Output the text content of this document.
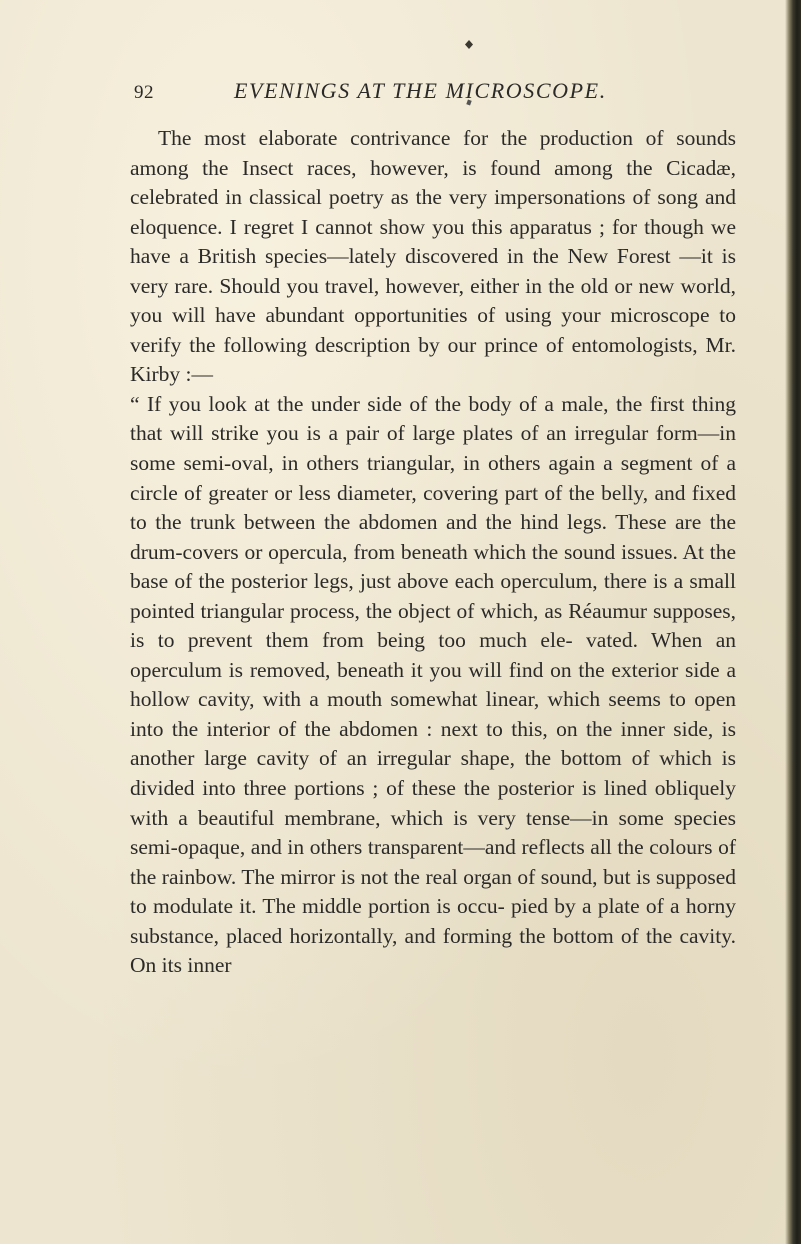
92	EVENINGS AT THE MICROSCOPE.

The most elaborate contrivance for the production of sounds among the Insect races, however, is found among the Cicadæ, celebrated in classical poetry as the very impersonations of song and eloquence. I regret I cannot show you this apparatus ; for though we have a British species—lately discovered in the New Forest —it is very rare. Should you travel, however, either in the old or new world, you will have abundant opportunities of using your microscope to verify the following description by our prince of entomologists, Mr. Kirby :—

“ If you look at the under side of the body of a male, the first thing that will strike you is a pair of large plates of an irregular form—in some semi-oval, in others triangular, in others again a segment of a circle of greater or less diameter, covering part of the belly, and fixed to the trunk between the abdomen and the hind legs. These are the drum-covers or opercula, from beneath which the sound issues. At the base of the posterior legs, just above each operculum, there is a small pointed triangular process, the object of which, as Réaumur supposes, is to prevent them from being too much ele- vated. When an operculum is removed, beneath it you will find on the exterior side a hollow cavity, with a mouth somewhat linear, which seems to open into the interior of the abdomen : next to this, on the inner side, is another large cavity of an irregular shape, the bottom of which is divided into three portions ; of these the posterior is lined obliquely with a beautiful membrane, which is very tense—in some species semi-opaque, and in others transparent—and reflects all the colours of the rainbow. The mirror is not the real organ of sound, but is supposed to modulate it. The middle portion is occu- pied by a plate of a horny substance, placed horizontally, and forming the bottom of the cavity. On its inner
